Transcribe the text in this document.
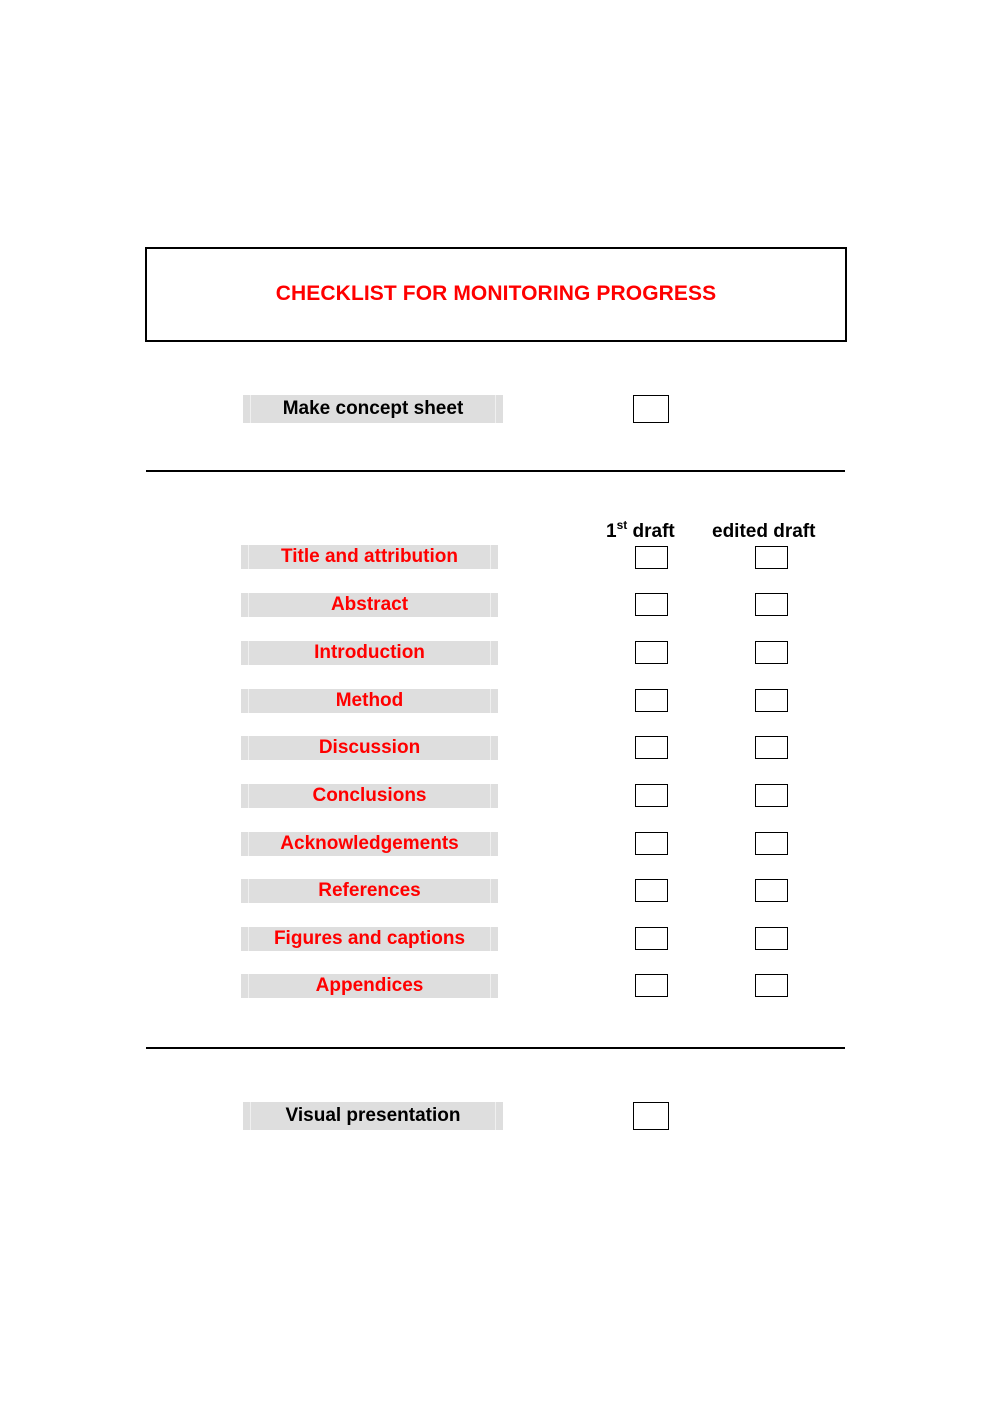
CHECKLIST FOR MONITORING PROGRESS
Make concept sheet
1st draft edited draft
Title and attribution
Abstract
Introduction
Method
Discussion
Conclusions
Acknowledgements
References
Figures and captions
Appendices
Visual presentation
